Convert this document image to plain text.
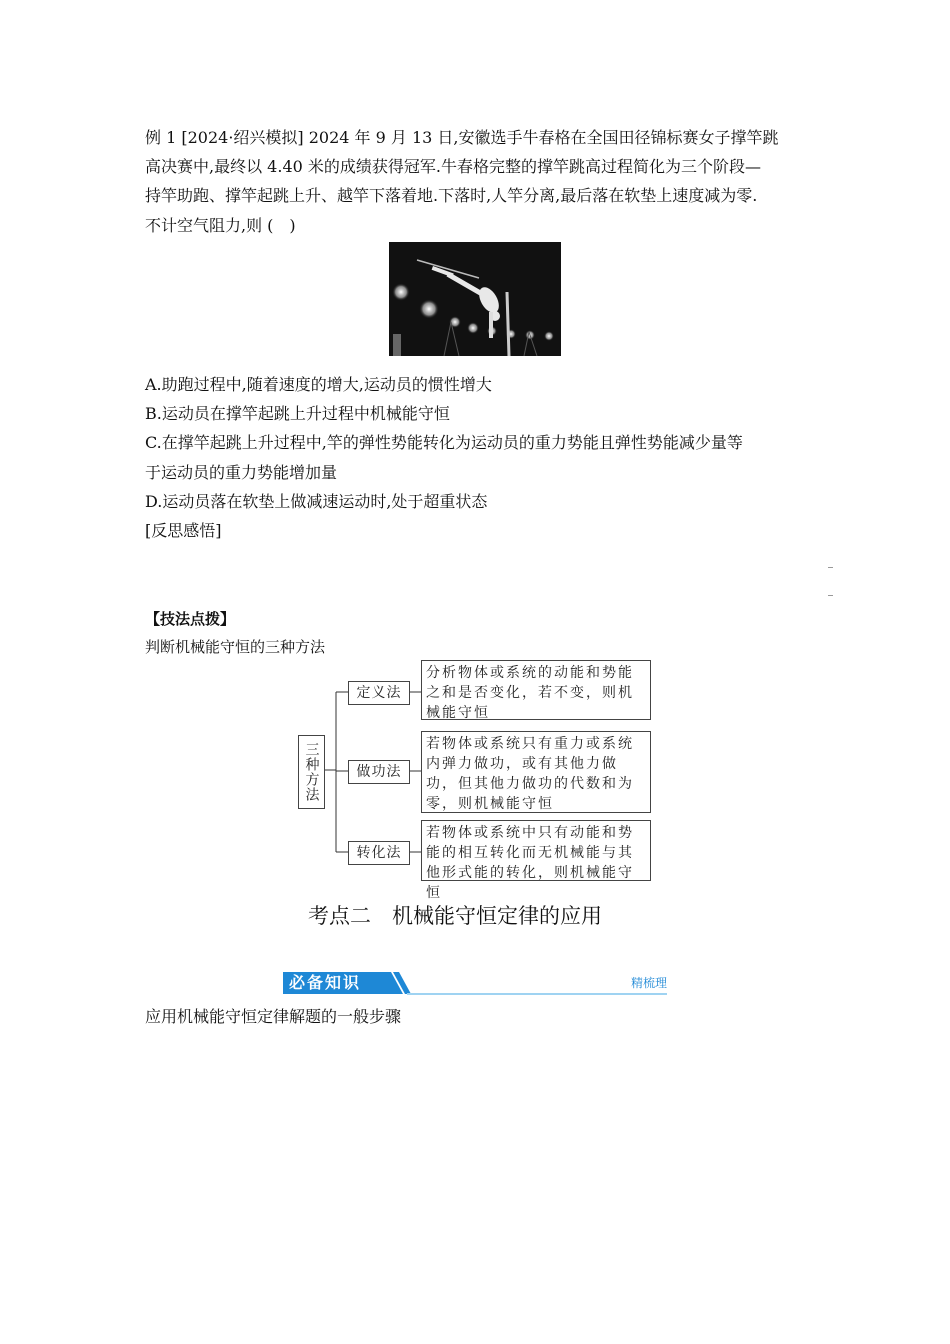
例 1 [2024·绍兴模拟] 2024 年 9 月 13 日,安徽选手牛春格在全国田径锦标赛女子撑竿跳
高决赛中,最终以 4.40 米的成绩获得冠军.牛春格完整的撑竿跳高过程简化为三个阶段—
持竿助跑、撑竿起跳上升、越竿下落着地.下落时,人竿分离,最后落在软垫上速度减为零.
不计空气阻力,则 (　)
A.助跑过程中,随着速度的增大,运动员的惯性增大
B.运动员在撑竿起跳上升过程中机械能守恒
C.在撑竿起跳上升过程中,竿的弹性势能转化为运动员的重力势能且弹性势能减少量等
于运动员的重力势能增加量
D.运动员落在软垫上做减速运动时,处于超重状态
[反思感悟]
【技法点拨】
判断机械能守恒的三种方法
三种方法
定义法
做功法
转化法
分析物体或系统的动能和势能之和是否变化，若不变，则机械能守恒
若物体或系统只有重力或系统内弹力做功，或有其他力做功，但其他力做功的代数和为零，则机械能守恒
若物体或系统中只有动能和势能的相互转化而无机械能与其他形式能的转化，则机械能守恒
考点二　机械能守恒定律的应用
必备知识	精梳理
应用机械能守恒定律解题的一般步骤
